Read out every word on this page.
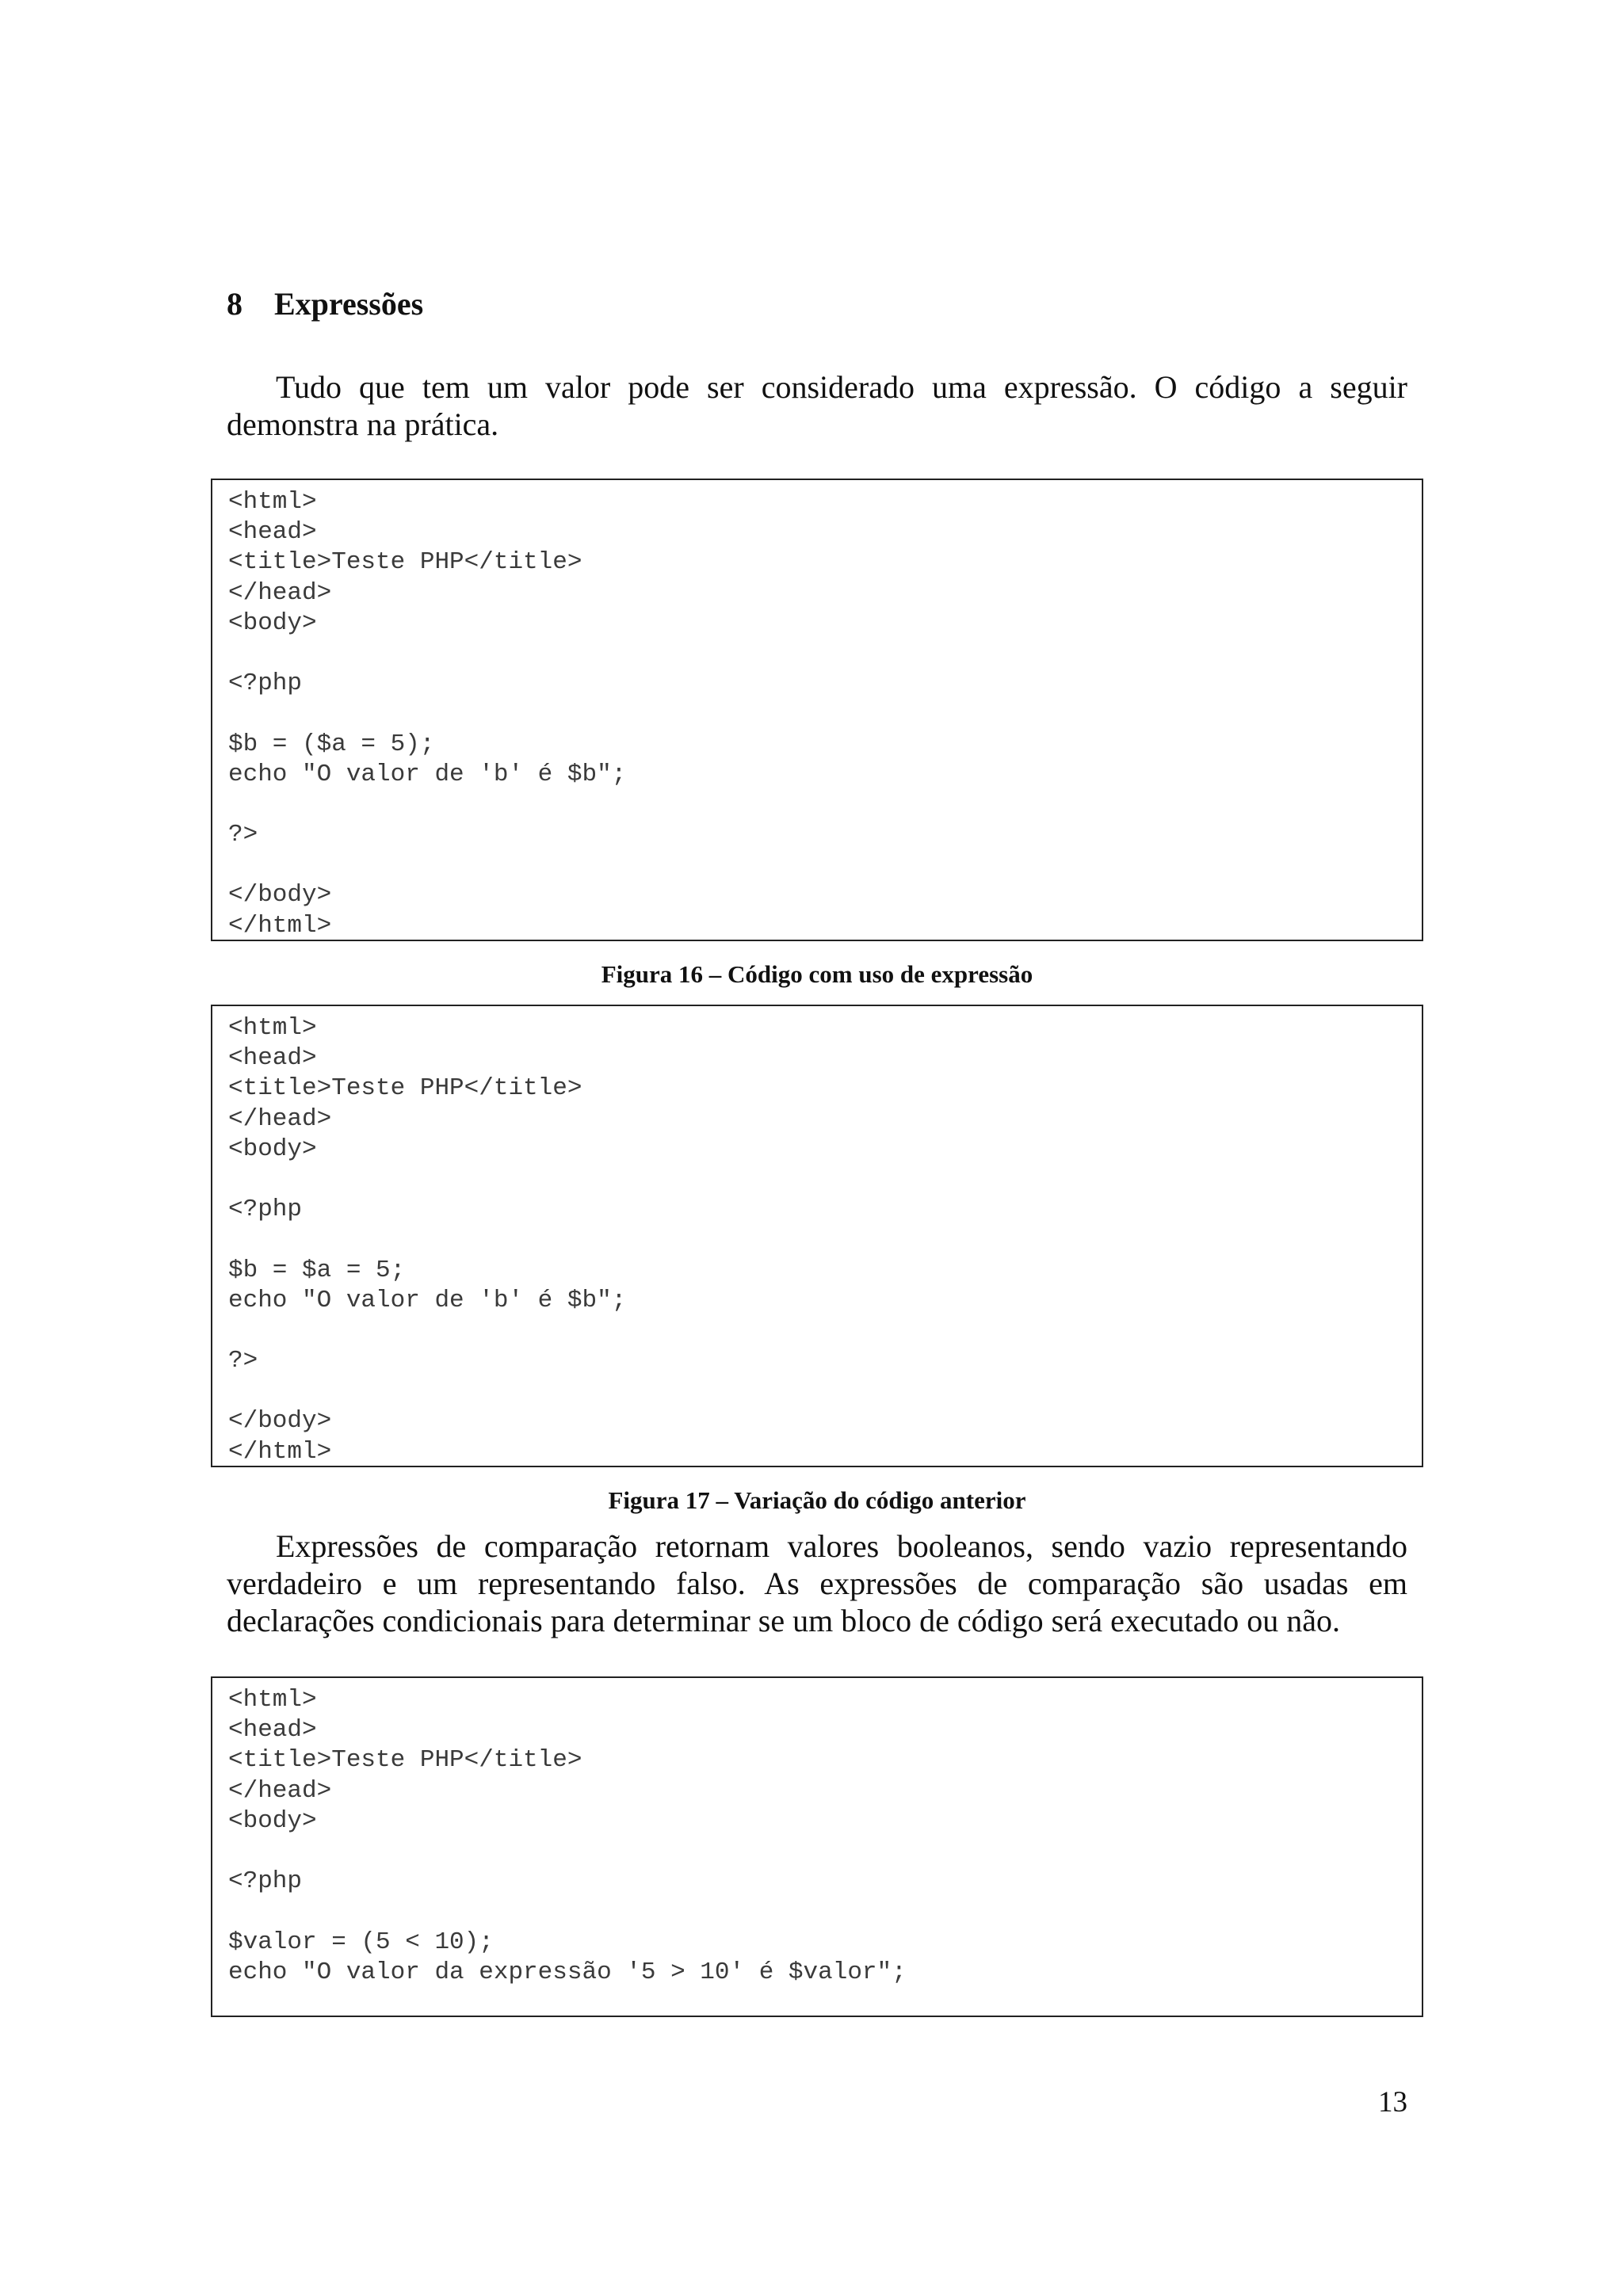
8 Expressões
Tudo que tem um valor pode ser considerado uma expressão. O código a seguir demonstra na prática.
<html>
<head>
<title>Teste PHP</title>
</head>
<body>
<?php
$b = ($a = 5);
echo "O valor de 'b' é $b";
?>
</body>
</html>
Figura 16 – Código com uso de expressão
<html>
<head>
<title>Teste PHP</title>
</head>
<body>
<?php
$b = $a = 5;
echo "O valor de 'b' é $b";
?>
</body>
</html>
Figura 17 – Variação do código anterior
Expressões de comparação retornam valores booleanos, sendo vazio representando verdadeiro e um representando falso. As expressões de comparação são usadas em declarações condicionais para determinar se um bloco de código será executado ou não.
<html>
<head>
<title>Teste PHP</title>
</head>
<body>
<?php
$valor = (5 < 10);
echo "O valor da expressão '5 > 10' é $valor";
13
